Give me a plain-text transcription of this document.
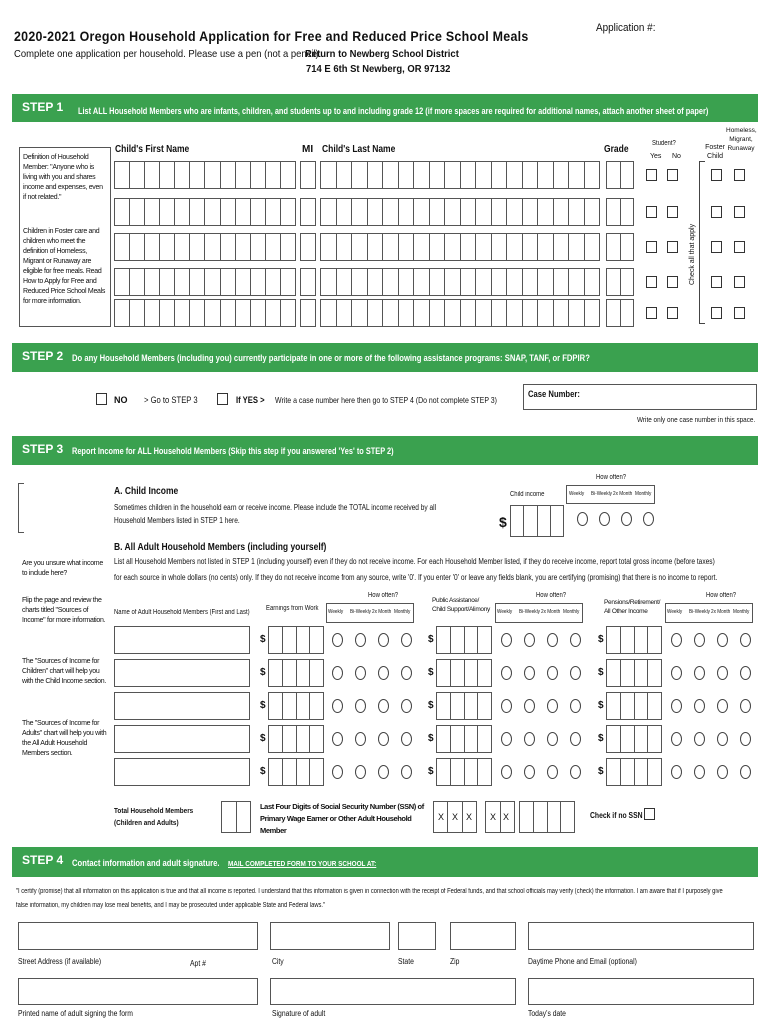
2020-2021 Oregon Household Application for Free and Reduced Price School Meals
Application #:
Complete one application per household. Please use a pen (not a pencil).
Return to Newberg School District
714 E 6th St Newberg, OR 97132
STEP 1 List ALL Household Members who are infants, children, and students up to and including grade 12 (if more spaces are required for additional names, attach another sheet of paper)
Child's First Name	MI Child's Last Name	Grade
Student?
Yes No
Foster Child
Homeless, Migrant, Runaway
Definition of Household Member: "Anyone who is living with you and shares income and expenses, even if not related."
Children in Foster care and children who meet the definition of Homeless, Migrant or Runaway are eligible for free meals. Read How to Apply for Free and Reduced Price School Meals for more information.
Check all that apply
STEP 2 Do any Household Members (including you) currently participate in one or more of the following assistance programs: SNAP, TANF, or FDPIR?
NO > Go to STEP 3	If YES > Write a case number here then go to STEP 4 (Do not complete STEP 3)
Case Number:
Write only one case number in this space.
STEP 3 Report Income for ALL Household Members (Skip this step if you answered 'Yes' to STEP 2)
A. Child Income
Sometimes children in the household earn or receive income. Please include the TOTAL income received by all
Household Members listed in STEP 1 here.
How often?
Weekly Bi-Weekly 2x Month Monthly
Child income
$
B. All Adult Household Members (including yourself)
List all Household Members not listed in STEP 1 (including yourself) even if they do not receive income. For each Household Member listed, if they do receive income, report total gross income (before taxes)
for each source in whole dollars (no cents) only. If they do not receive income from any source, write '0'. If you enter '0' or leave any fields blank, you are certifying (promising) that there is no income to report.
Are you unsure what income to include here?
Flip the page and review the charts titled "Sources of Income" for more information.
The "Sources of Income for Children" chart will help you with the Child Income section.
The "Sources of Income for Adults" chart will help you with the All Adult Household Members section.
Name of Adult Household Members (First and Last)
Earnings from Work
Public Assistance/ Child Support/Alimony
Pensions/Retirement/ All Other Income
How often?
Weekly Bi-Weekly 2x Month Monthly
How often?
Weekly Bi-Weekly 2x Month Monthly
How often?
Weekly Bi-Weekly 2x Month Monthly
$	$	$
$	$	$
$	$	$
$	$	$
$	$	$
Total Household Members (Children and Adults)
Last Four Digits of Social Security Number (SSN) of Primary Wage Earner or Other Adult Household Member
X X X X X	Check if no SSN
STEP 4 Contact information and adult signature. MAIL COMPLETED FORM TO YOUR SCHOOL AT:
"I certify (promise) that all information on this application is true and that all income is reported. I understand that this information is given in connection with the receipt of Federal funds, and that school officials may verify (check) the information. I am aware that if I purposely give
false information, my children may lose meal benefits, and I may be prosecuted under applicable State and Federal laws."
Street Address (if available)	Apt #	City	State	Zip	Daytime Phone and Email (optional)
Printed name of adult signing the form	Signature of adult	Today's date
